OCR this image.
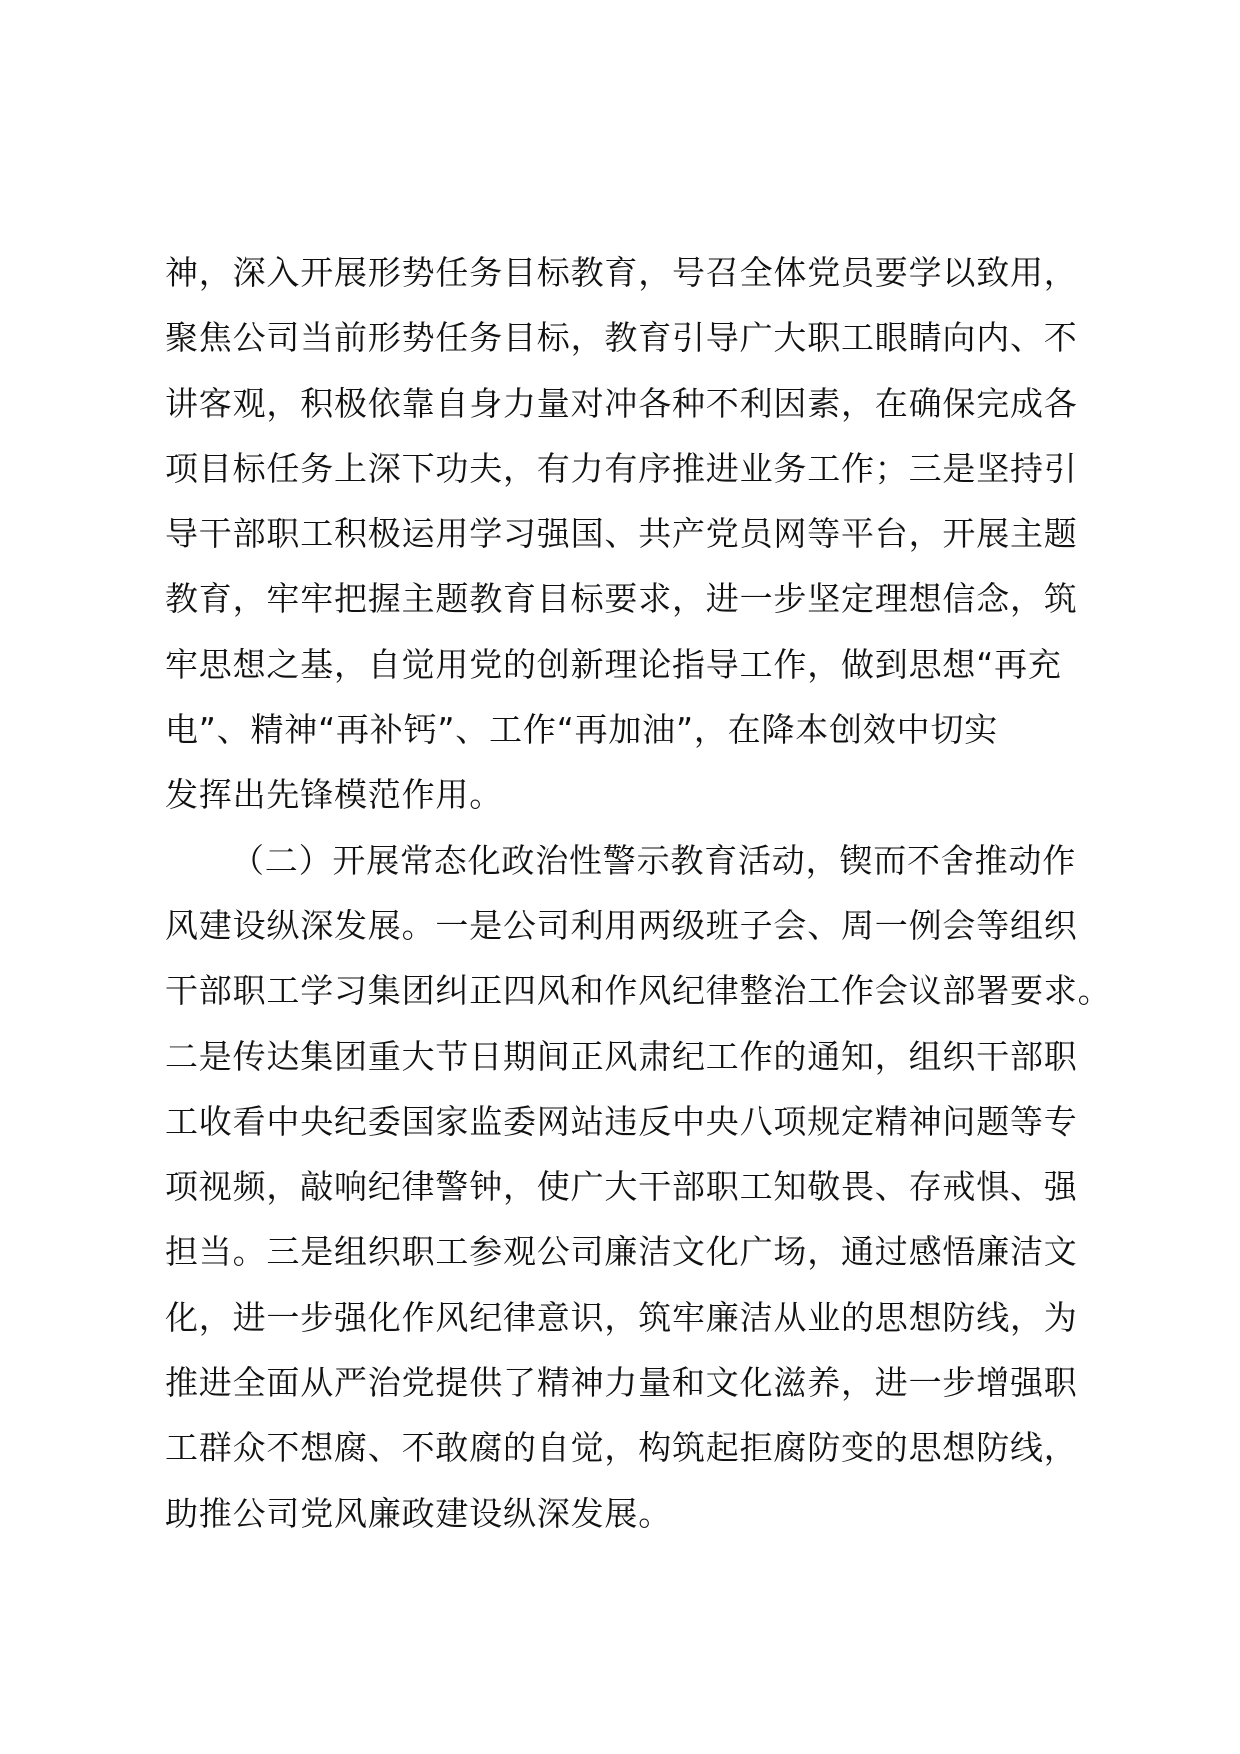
神，深入开展形势任务目标教育，号召全体党员要学以致用，
聚焦公司当前形势任务目标，教育引导广大职工眼睛向内、不
讲客观，积极依靠自身力量对冲各种不利因素，在确保完成各
项目标任务上深下功夫，有力有序推进业务工作；三是坚持引
导干部职工积极运用学习强国、共产党员网等平台，开展主题
教育，牢牢把握主题教育目标要求，进一步坚定理想信念，筑
牢思想之基，自觉用党的创新理论指导工作，做到思想“再充
电”、精神“再补钙”、工作“再加油”，在降本创效中切实
发挥出先锋模范作用。
（二）开展常态化政治性警示教育活动，锲而不舍推动作
风建设纵深发展。一是公司利用两级班子会、周一例会等组织
干部职工学习集团纠正四风和作风纪律整治工作会议部署要求。
二是传达集团重大节日期间正风肃纪工作的通知，组织干部职
工收看中央纪委国家监委网站违反中央八项规定精神问题等专
项视频，敲响纪律警钟，使广大干部职工知敬畏、存戒惧、强
担当。三是组织职工参观公司廉洁文化广场，通过感悟廉洁文
化，进一步强化作风纪律意识，筑牢廉洁从业的思想防线，为
推进全面从严治党提供了精神力量和文化滋养，进一步增强职
工群众不想腐、不敢腐的自觉，构筑起拒腐防变的思想防线，
助推公司党风廉政建设纵深发展。
